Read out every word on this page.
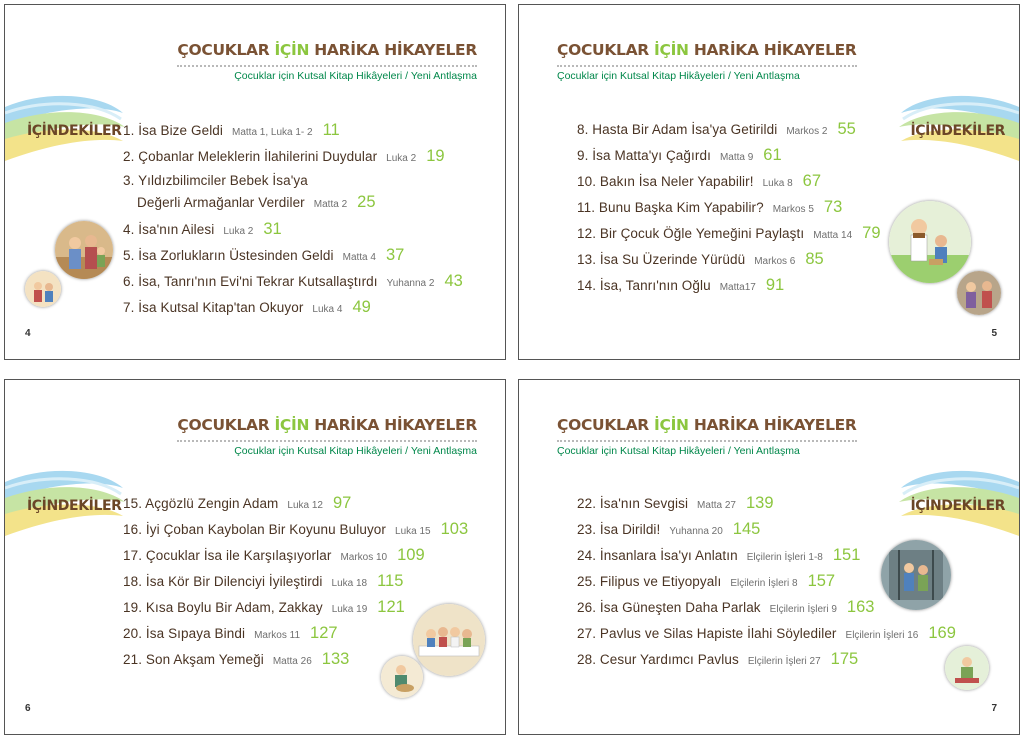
ÇOCUKLAR İÇİN HARİKA HİKAYELER
Çocuklar için Kutsal Kitap Hikâyeleri / Yeni Antlaşma
İÇİNDEKİLER 1. İsa Bize Geldi Matta 1, Luka 1- 2 11
2. Çobanlar Meleklerin İlahilerini Duydular Luka 2 19
3. Yıldızbilimciler Bebek İsa'ya
Değerli Armağanlar Verdiler Matta 2 25
4. İsa'nın Ailesi Luka 2 31
5. İsa Zorlukların Üstesinden Geldi Matta 4 37
6. İsa, Tanrı'nın Evi'ni Tekrar Kutsallaştırdı Yuhanna 2 43
7. İsa Kutsal Kitap'tan Okuyor Luka 4 49
4
ÇOCUKLAR İÇİN HARİKA HİKAYELER
Çocuklar için Kutsal Kitap Hikâyeleri / Yeni Antlaşma
İÇİNDEKİLER
8. Hasta Bir Adam İsa'ya Getirildi Markos 2 55
9. İsa Matta'yı Çağırdı Matta 9 61
10. Bakın İsa Neler Yapabilir! Luka 8 67
11. Bunu Başka Kim Yapabilir? Markos 5 73
12. Bir Çocuk Öğle Yemeğini Paylaştı Matta 14 79
13. İsa Su Üzerinde Yürüdü Markos 6 85
14. İsa, Tanrı'nın Oğlu Matta17 91
5
ÇOCUKLAR İÇİN HARİKA HİKAYELER
Çocuklar için Kutsal Kitap Hikâyeleri / Yeni Antlaşma
İÇİNDEKİLER 15. Açgözlü Zengin Adam Luka 12 97
16. İyi Çoban Kaybolan Bir Koyunu Buluyor Luka 15 103
17. Çocuklar İsa ile Karşılaşıyorlar Markos 10 109
18. İsa Kör Bir Dilenciyi İyileştirdi Luka 18 115
19. Kısa Boylu Bir Adam, Zakkay Luka 19 121
20. İsa Sıpaya Bindi Markos 11 127
21. Son Akşam Yemeği Matta 26 133
6
ÇOCUKLAR İÇİN HARİKA HİKAYELER
Çocuklar için Kutsal Kitap Hikâyeleri / Yeni Antlaşma
İÇİNDEKİLER
22. İsa'nın Sevgisi Matta 27 139
23. İsa Dirildi! Yuhanna 20 145
24. İnsanlara İsa'yı Anlatın Elçilerin İşleri 1-8 151
25. Filipus ve Etiyopyalı Elçilerin İşleri 8 157
26. İsa Güneşten Daha Parlak Elçilerin İşleri 9 163
27. Pavlus ve Silas Hapiste İlahi Söylediler Elçilerin İşleri 16 169
28. Cesur Yardımcı Pavlus Elçilerin İşleri 27 175
7
